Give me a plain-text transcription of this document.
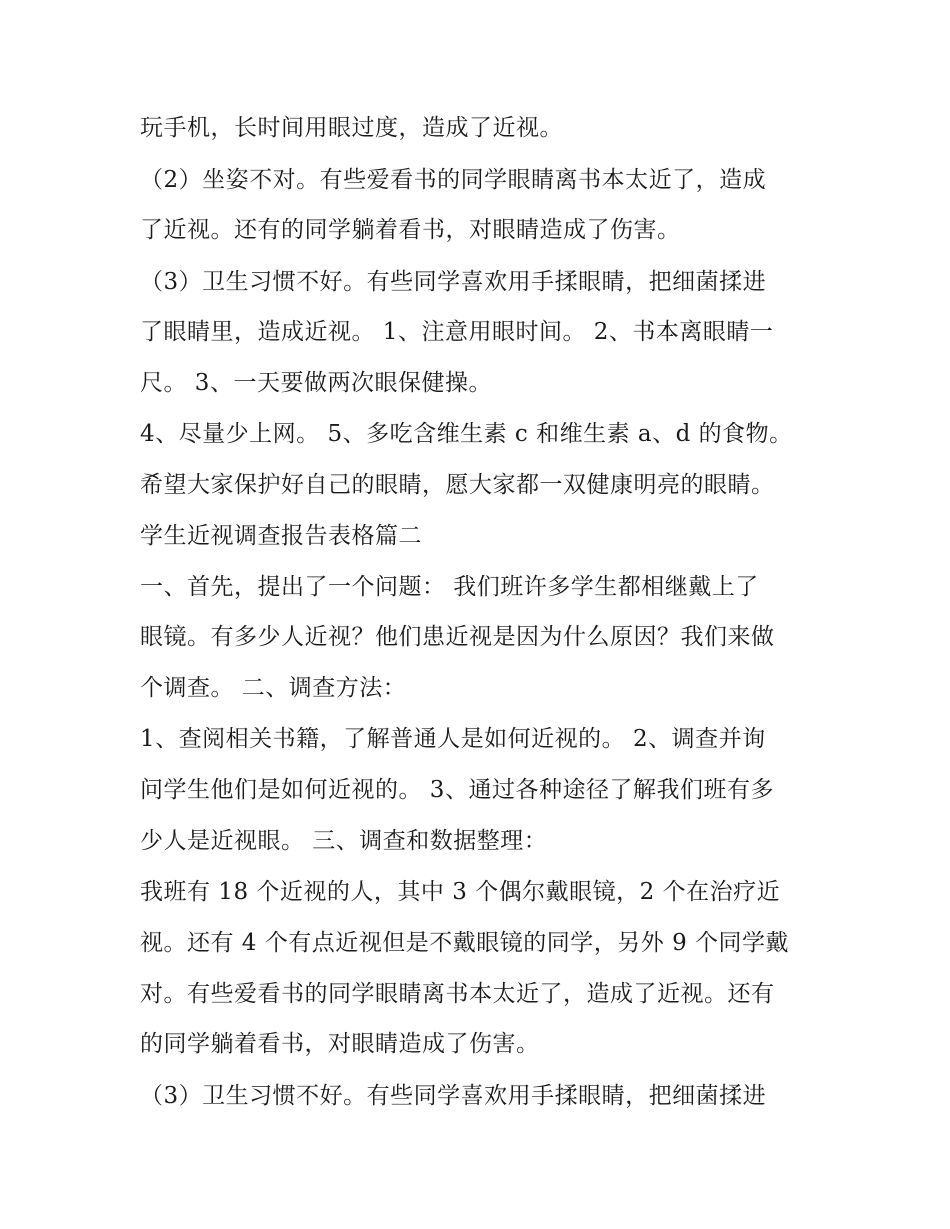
玩手机，长时间用眼过度，造成了近视。
（2）坐姿不对。有些爱看书的同学眼睛离书本太近了，造成
了近视。还有的同学躺着看书，对眼睛造成了伤害。
（3）卫生习惯不好。有些同学喜欢用手揉眼睛，把细菌揉进
了眼睛里，造成近视。 1、注意用眼时间。 2、书本离眼睛一
尺。 3、一天要做两次眼保健操。
4、尽量少上网。 5、多吃含维生素 c 和维生素 a、d 的食物。
希望大家保护好自己的眼睛，愿大家都一双健康明亮的眼睛。
学生近视调查报告表格篇二
一、首先，提出了一个问题： 我们班许多学生都相继戴上了
眼镜。有多少人近视？他们患近视是因为什么原因？我们来做
个调查。 二、调查方法：
1、查阅相关书籍，了解普通人是如何近视的。 2、调查并询
问学生他们是如何近视的。 3、通过各种途径了解我们班有多
少人是近视眼。 三、调查和数据整理：
我班有 18 个近视的人，其中 3 个偶尔戴眼镜，2 个在治疗近
视。还有 4 个有点近视但是不戴眼镜的同学，另外 9 个同学戴
对。有些爱看书的同学眼睛离书本太近了，造成了近视。还有
的同学躺着看书，对眼睛造成了伤害。
（3）卫生习惯不好。有些同学喜欢用手揉眼睛，把细菌揉进
